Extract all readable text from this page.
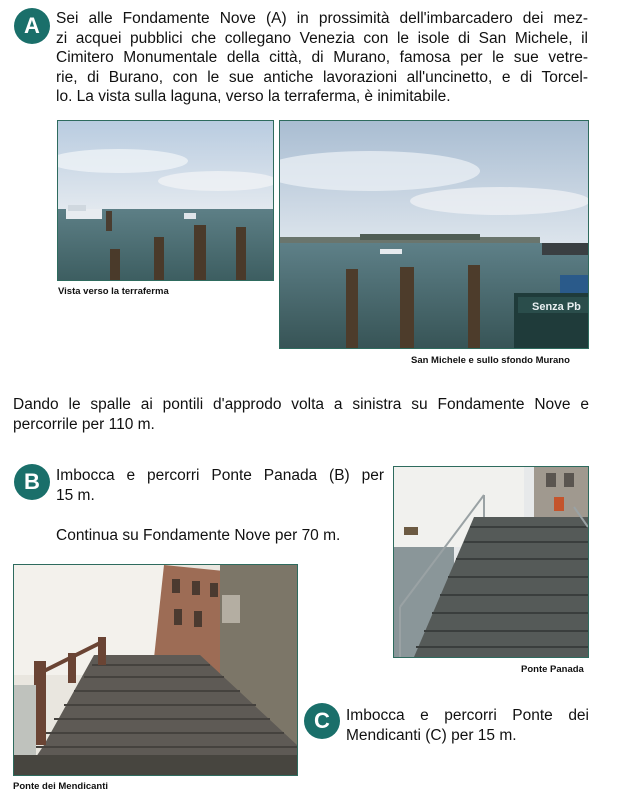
A	Sei alle Fondamente Nove (A) in prossimità dell'imbarcadero dei mez-
zi acquei pubblici che collegano Venezia con le isole di San Michele, il
Cimitero Monumentale della città, di Murano, famosa per le sue vetre-
rie, di Burano, con le sue antiche lavorazioni all'uncinetto, e di Torcel-
lo. La vista sulla laguna, verso la terraferma, è inimitabile.
Vista verso la terraferma
Senza Pb
San Michele e sullo sfondo Murano
Dando le spalle ai pontili d'approdo volta a sinistra su Fondamente Nove e
percorrile per 110 m.
B	Imbocca e percorri Ponte Panada (B) per
15 m.
Continua su Fondamente Nove per 70 m.
Ponte Panada
Ponte dei Mendicanti
C	Imbocca e percorri Ponte dei
Mendicanti (C) per 15 m.
